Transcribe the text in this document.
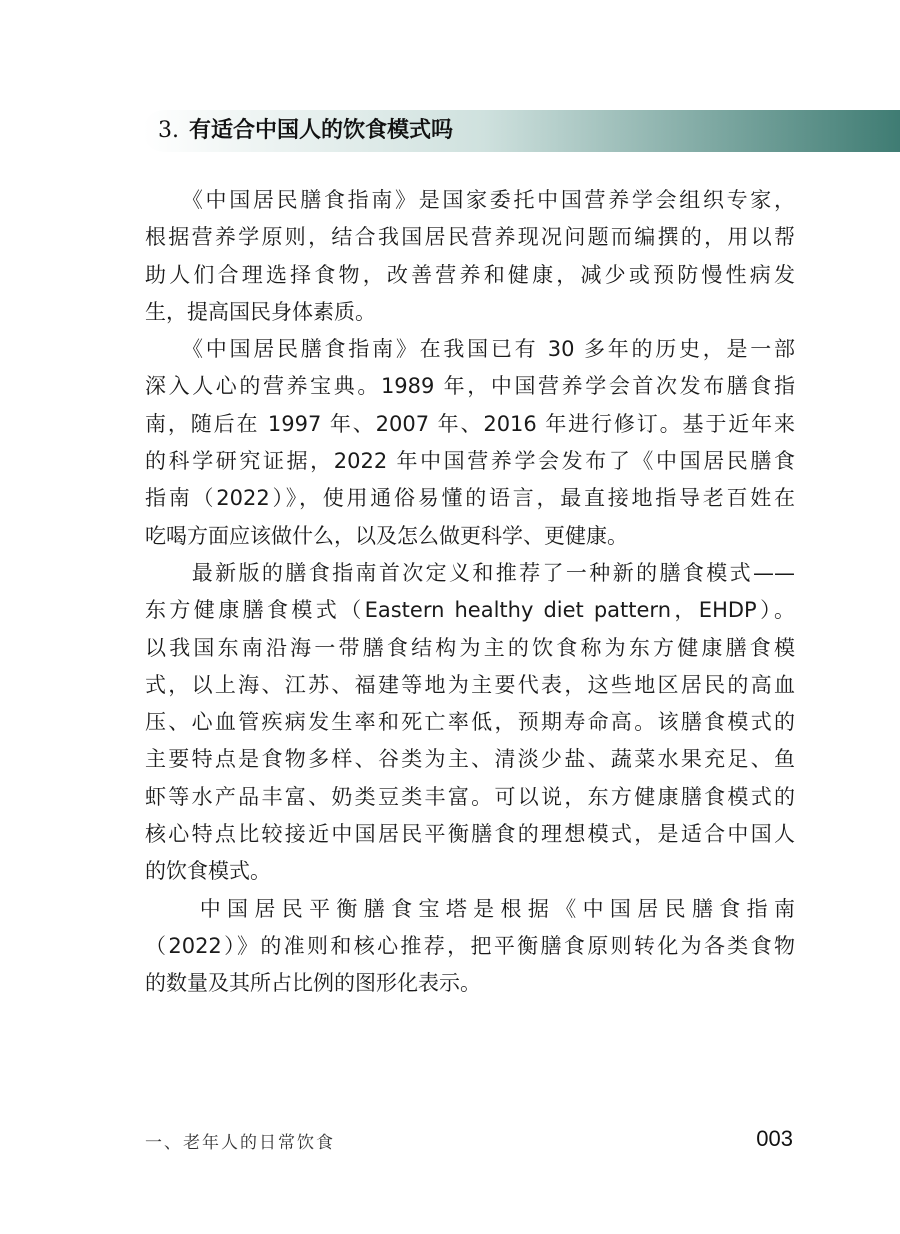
3. 有适合中国人的饮食模式吗
　　《中国居民膳食指南》是国家委托中国营养学会组织专家，
根据营养学原则，结合我国居民营养现况问题而编撰的，用以帮
助人们合理选择食物，改善营养和健康，减少或预防慢性病发
生，提高国民身体素质。
　　《中国居民膳食指南》在我国已有 30 多年的历史，是一部
深入人心的营养宝典。1989 年，中国营养学会首次发布膳食指
南，随后在 1997 年、2007 年、2016 年进行修订。基于近年来
的科学研究证据，2022 年中国营养学会发布了《中国居民膳食
指南（2022）》，使用通俗易懂的语言，最直接地指导老百姓在
吃喝方面应该做什么，以及怎么做更科学、更健康。
　　最新版的膳食指南首次定义和推荐了一种新的膳食模式——
东方健康膳食模式（Eastern healthy diet pattern，EHDP）。
以我国东南沿海一带膳食结构为主的饮食称为东方健康膳食模
式，以上海、江苏、福建等地为主要代表，这些地区居民的高血
压、心血管疾病发生率和死亡率低，预期寿命高。该膳食模式的
主要特点是食物多样、谷类为主、清淡少盐、蔬菜水果充足、鱼
虾等水产品丰富、奶类豆类丰富。可以说，东方健康膳食模式的
核心特点比较接近中国居民平衡膳食的理想模式，是适合中国人
的饮食模式。
　　中国居民平衡膳食宝塔是根据《中国居民膳食指南
（2022）》的准则和核心推荐，把平衡膳食原则转化为各类食物
的数量及其所占比例的图形化表示。
一、老年人的日常饮食	003
